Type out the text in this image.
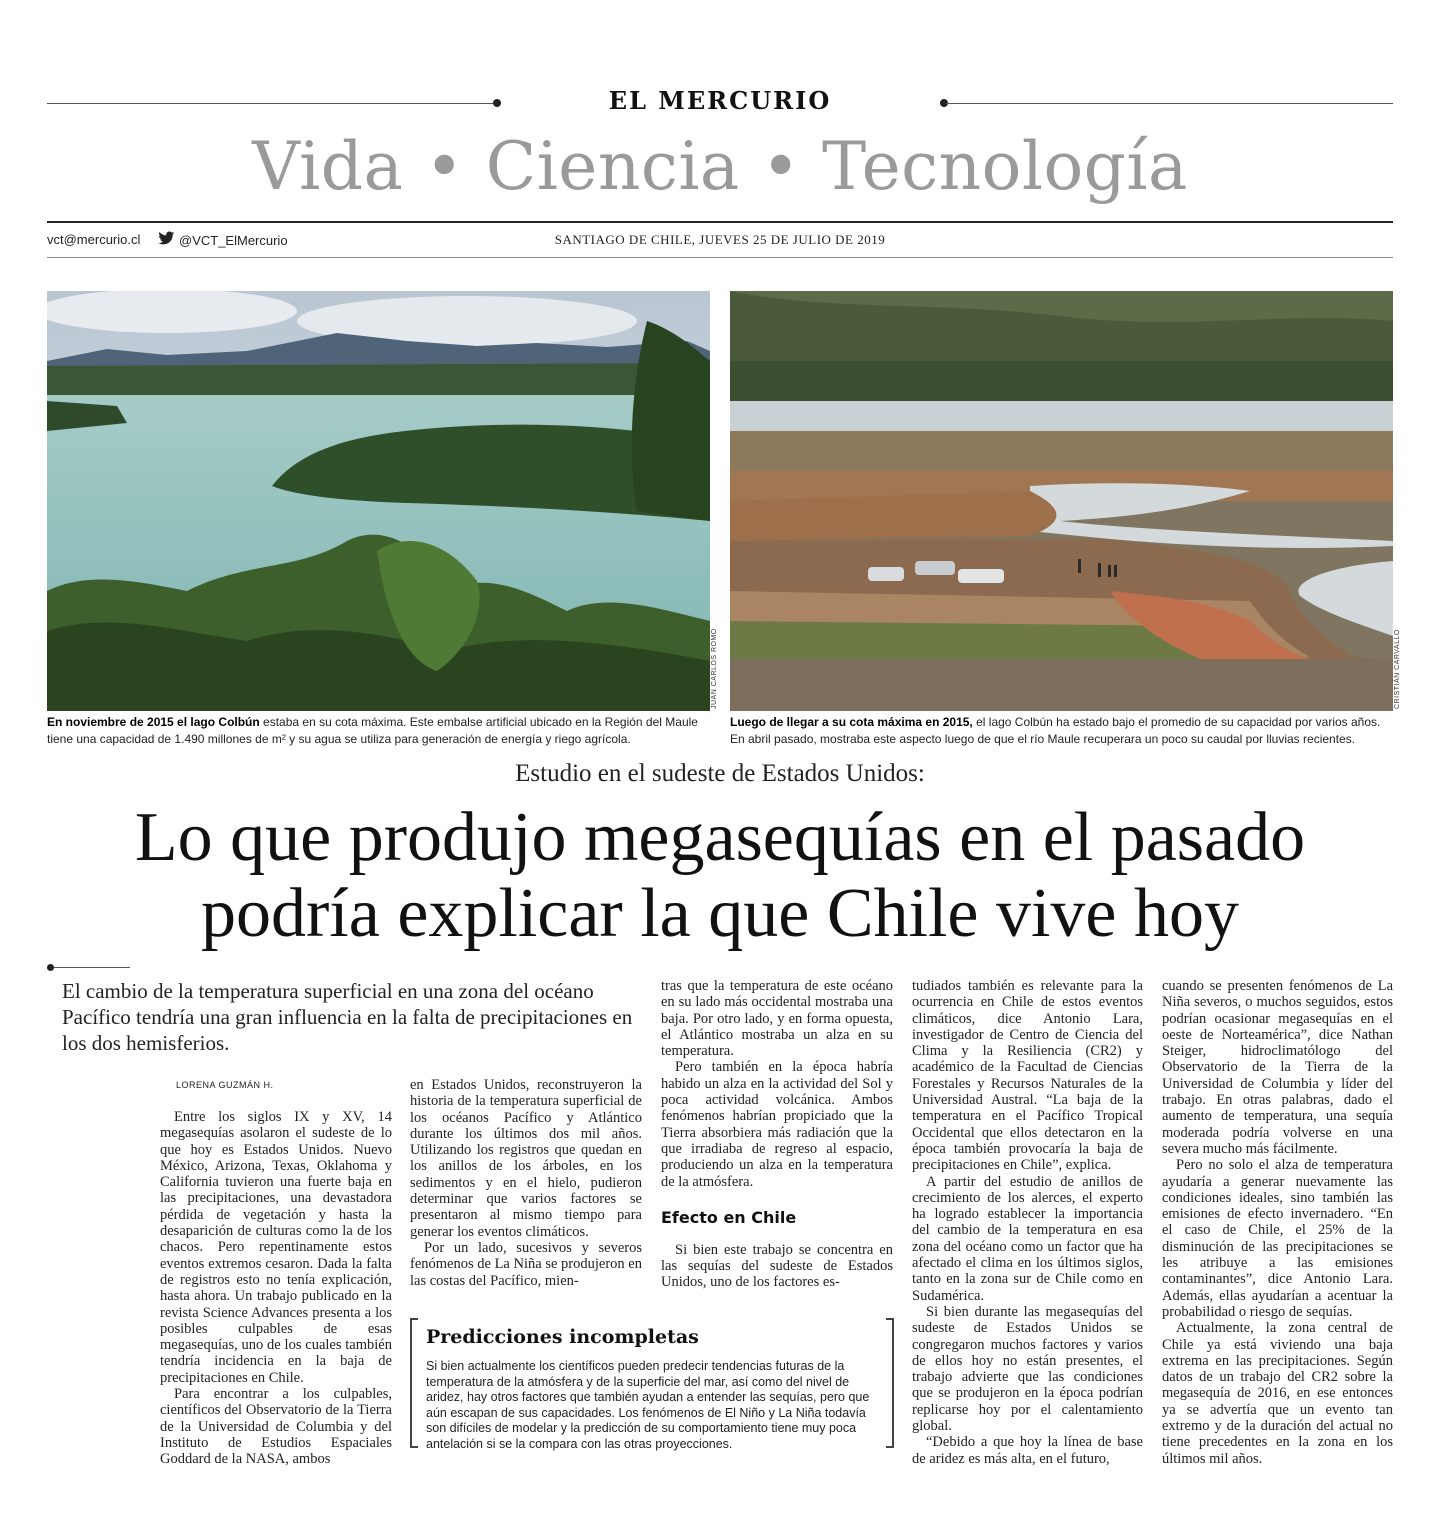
EL MERCURIO
Vida • Ciencia • Tecnología
vct@mercurio.cl	@VCT_ElMercurio	SANTIAGO DE CHILE, JUEVES 25 DE JULIO DE 2019
JUAN CARLOS ROMO	CRISTIÁN CARVALLO
En noviembre de 2015 el lago Colbún estaba en su cota máxima. Este embalse artificial ubicado en la Región del Maule tiene una capacidad de 1.490 millones de m² y su agua se utiliza para generación de energía y riego agrícola.
Luego de llegar a su cota máxima en 2015, el lago Colbún ha estado bajo el promedio de su capacidad por varios años. En abril pasado, mostraba este aspecto luego de que el río Maule recuperara un poco su caudal por lluvias recientes.
Estudio en el sudeste de Estados Unidos:
Lo que produjo megasequías en el pasado
podría explicar la que Chile vive hoy
El cambio de la temperatura superficial en una zona del océano Pacífico tendría una gran influencia en la falta de precipitaciones en los dos hemisferios.
LORENA GUZMÁN H.

Entre los siglos IX y XV, 14 megasequías asolaron el sudeste de lo que hoy es Estados Unidos. Nuevo México, Arizona, Texas, Oklahoma y California tuvieron una fuerte baja en las precipitaciones, una devastadora pérdida de vegetación y hasta la desaparición de culturas como la de los chacos. Pero repentinamente estos eventos extremos cesaron. Dada la falta de registros esto no tenía explicación, hasta ahora. Un trabajo publicado en la revista Science Advances presenta a los posibles culpables de esas megasequías, uno de los cuales también tendría incidencia en la baja de precipitaciones en Chile.

Para encontrar a los culpables, científicos del Observatorio de la Tierra de la Universidad de Columbia y del Instituto de Estudios Espaciales Goddard de la NASA, ambos

en Estados Unidos, reconstruyeron la historia de la temperatura superficial de los océanos Pacífico y Atlántico durante los últimos dos mil años. Utilizando los registros que quedan en los anillos de los árboles, en los sedimentos y en el hielo, pudieron determinar que varios factores se presentaron al mismo tiempo para generar los eventos climáticos.

Por un lado, sucesivos y severos fenómenos de La Niña se produjeron en las costas del Pacífico, mien-

tras que la temperatura de este océano en su lado más occidental mostraba una baja. Por otro lado, y en forma opuesta, el Atlántico mostraba un alza en su temperatura.

Pero también en la época habría habido un alza en la actividad del Sol y poca actividad volcánica. Ambos fenómenos habrían propiciado que la Tierra absorbiera más radiación que la que irradiaba de regreso al espacio, produciendo un alza en la temperatura de la atmósfera.

Efecto en Chile

Si bien este trabajo se concentra en las sequías del sudeste de Estados Unidos, uno de los factores es-

tudiados también es relevante para la ocurrencia en Chile de estos eventos climáticos, dice Antonio Lara, investigador de Centro de Ciencia del Clima y la Resiliencia (CR2) y académico de la Facultad de Ciencias Forestales y Recursos Naturales de la Universidad Austral. “La baja de la temperatura en el Pacífico Tropical Occidental que ellos detectaron en la época también provocaría la baja de precipitaciones en Chile”, explica.

A partir del estudio de anillos de crecimiento de los alerces, el experto ha logrado establecer la importancia del cambio de la temperatura en esa zona del océano como un factor que ha afectado el clima en los últimos siglos, tanto en la zona sur de Chile como en Sudamérica.

Si bien durante las megasequías del sudeste de Estados Unidos se congregaron muchos factores y varios de ellos hoy no están presentes, el trabajo advierte que las condiciones que se produjeron en la época podrían replicarse hoy por el calentamiento global.

“Debido a que hoy la línea de base de aridez es más alta, en el futuro,

cuando se presenten fenómenos de La Niña severos, o muchos seguidos, estos podrían ocasionar megasequías en el oeste de Norteamérica”, dice Nathan Steiger, hidroclimatólogo del Observatorio de la Tierra de la Universidad de Columbia y líder del trabajo. En otras palabras, dado el aumento de temperatura, una sequía moderada podría volverse en una severa mucho más fácilmente.

Pero no solo el alza de temperatura ayudaría a generar nuevamente las condiciones ideales, sino también las emisiones de efecto invernadero. “En el caso de Chile, el 25% de la disminución de las precipitaciones se les atribuye a las emisiones contaminantes”, dice Antonio Lara. Además, ellas ayudarían a acentuar la probabilidad o riesgo de sequías.

Actualmente, la zona central de Chile ya está viviendo una baja extrema en las precipitaciones. Según datos de un trabajo del CR2 sobre la megasequía de 2016, en ese entonces ya se advertía que un evento tan extremo y de la duración del actual no tiene precedentes en la zona en los últimos mil años.

Predicciones incompletas
Si bien actualmente los científicos pueden predecir tendencias futuras de la temperatura de la atmósfera y de la superficie del mar, así como del nivel de aridez, hay otros factores que también ayudan a entender las sequías, pero que aún escapan de sus capacidades. Los fenómenos de El Niño y La Niña todavía son difíciles de modelar y la predicción de su comportamiento tiene muy poca antelación si se la compara con las otras proyecciones.
